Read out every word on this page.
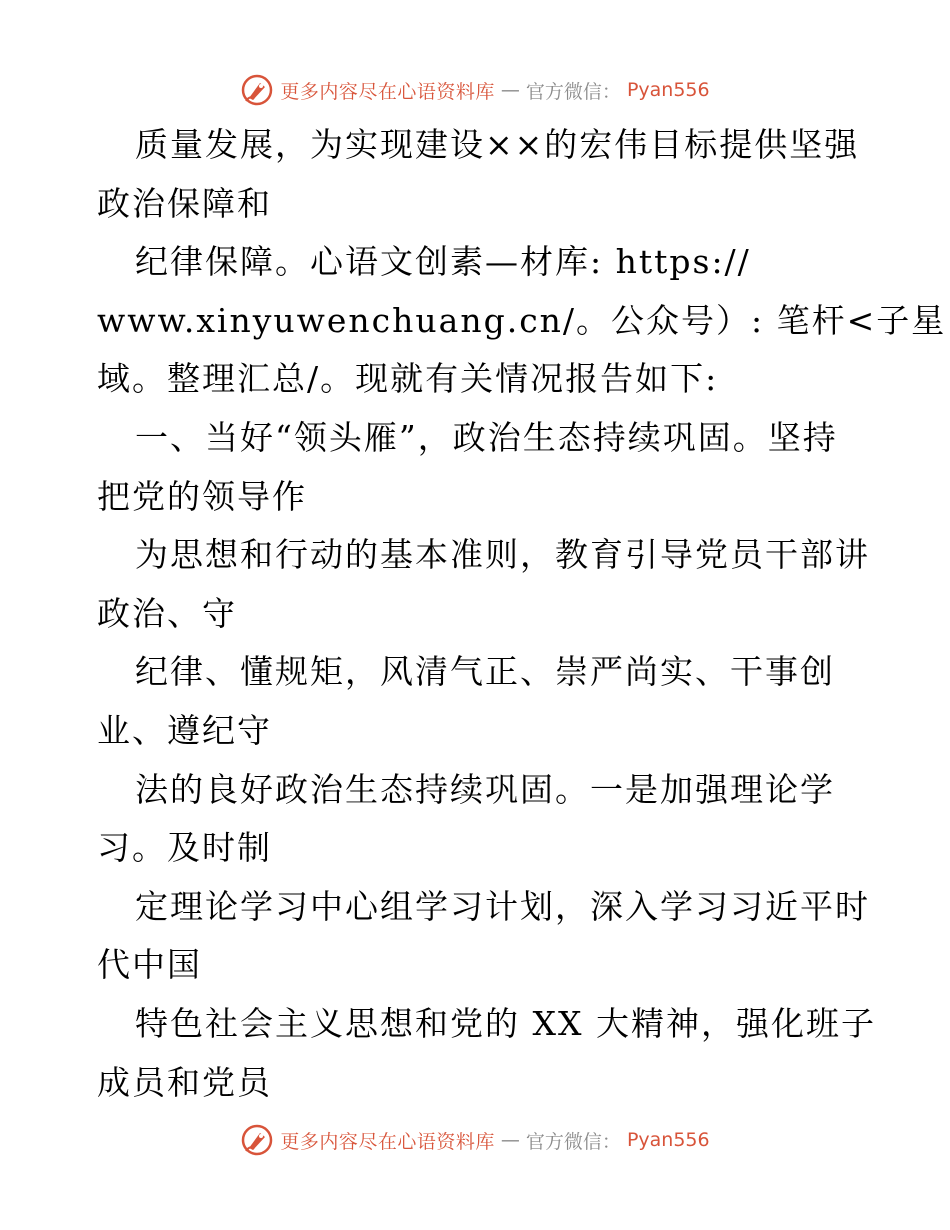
更多内容尽在心语资料库 — 官方微信： Pyan556
质量发展，为实现建设××的宏伟目标提供坚强
政治保障和
纪律保障。心语文创素—材库: https://
www.xinyuwenchuang.cn/。公众号）: 笔杆<子星
域。整理汇总/。现就有关情况报告如下:
一、当好“领头雁”，政治生态持续巩固。坚持
把党的领导作
为思想和行动的基本准则，教育引导党员干部讲
政治、守
纪律、懂规矩，风清气正、崇严尚实、干事创
业、遵纪守
法的良好政治生态持续巩固。一是加强理论学
习。及时制
定理论学习中心组学习计划，深入学习习近平时
代中国
特色社会主义思想和党的 XX 大精神，强化班子
成员和党员
更多内容尽在心语资料库 — 官方微信： Pyan556
